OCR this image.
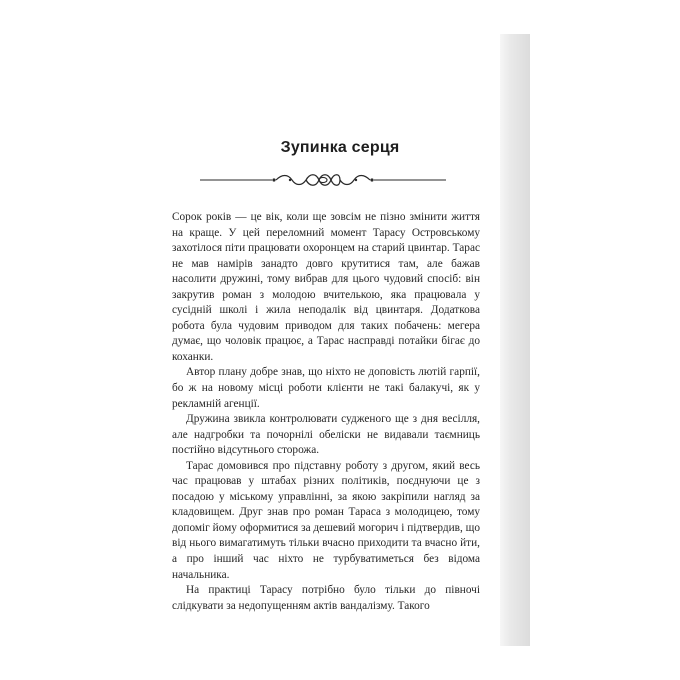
Зупинка серця

Сорок років — це вік, коли ще зовсім не пізно змінити життя на краще. У цей переломний момент Тарасу Островському захотілося піти працювати охоронцем на старий цвинтар. Тарас не мав намірів занадто довго крутитися там, але бажав насолити дружині, тому вибрав для цього чудовий спосіб: він закрутив роман з молодою вчителькою, яка працювала у сусідній школі і жила неподалік від цвинтаря. Додаткова робота була чудовим приводом для таких побачень: мегера думає, що чоловік працює, а Тарас насправді потайки бігає до коханки.

Автор плану добре знав, що ніхто не доповість лютій гарпії, бо ж на новому місці роботи клієнти не такі балакучі, як у рекламній агенції.

Дружина звикла контролювати судженого ще з дня весілля, але надгробки та почорнілі обеліски не видавали таємниць постійно відсутнього сторожа.

Тарас домовився про підставну роботу з другом, який весь час працював у штабах різних політиків, поєднуючи це з посадою у міському управлінні, за якою закріпили нагляд за кладовищем. Друг знав про роман Тараса з молодицею, тому допоміг йому оформитися за дешевий могорич і підтвердив, що від нього вимагатимуть тільки вчасно приходити та вчасно йти, а про інший час ніхто не турбуватиметься без відома начальника.

На практиці Тарасу потрібно було тільки до півночі слідкувати за недопущенням актів вандалізму. Такого
